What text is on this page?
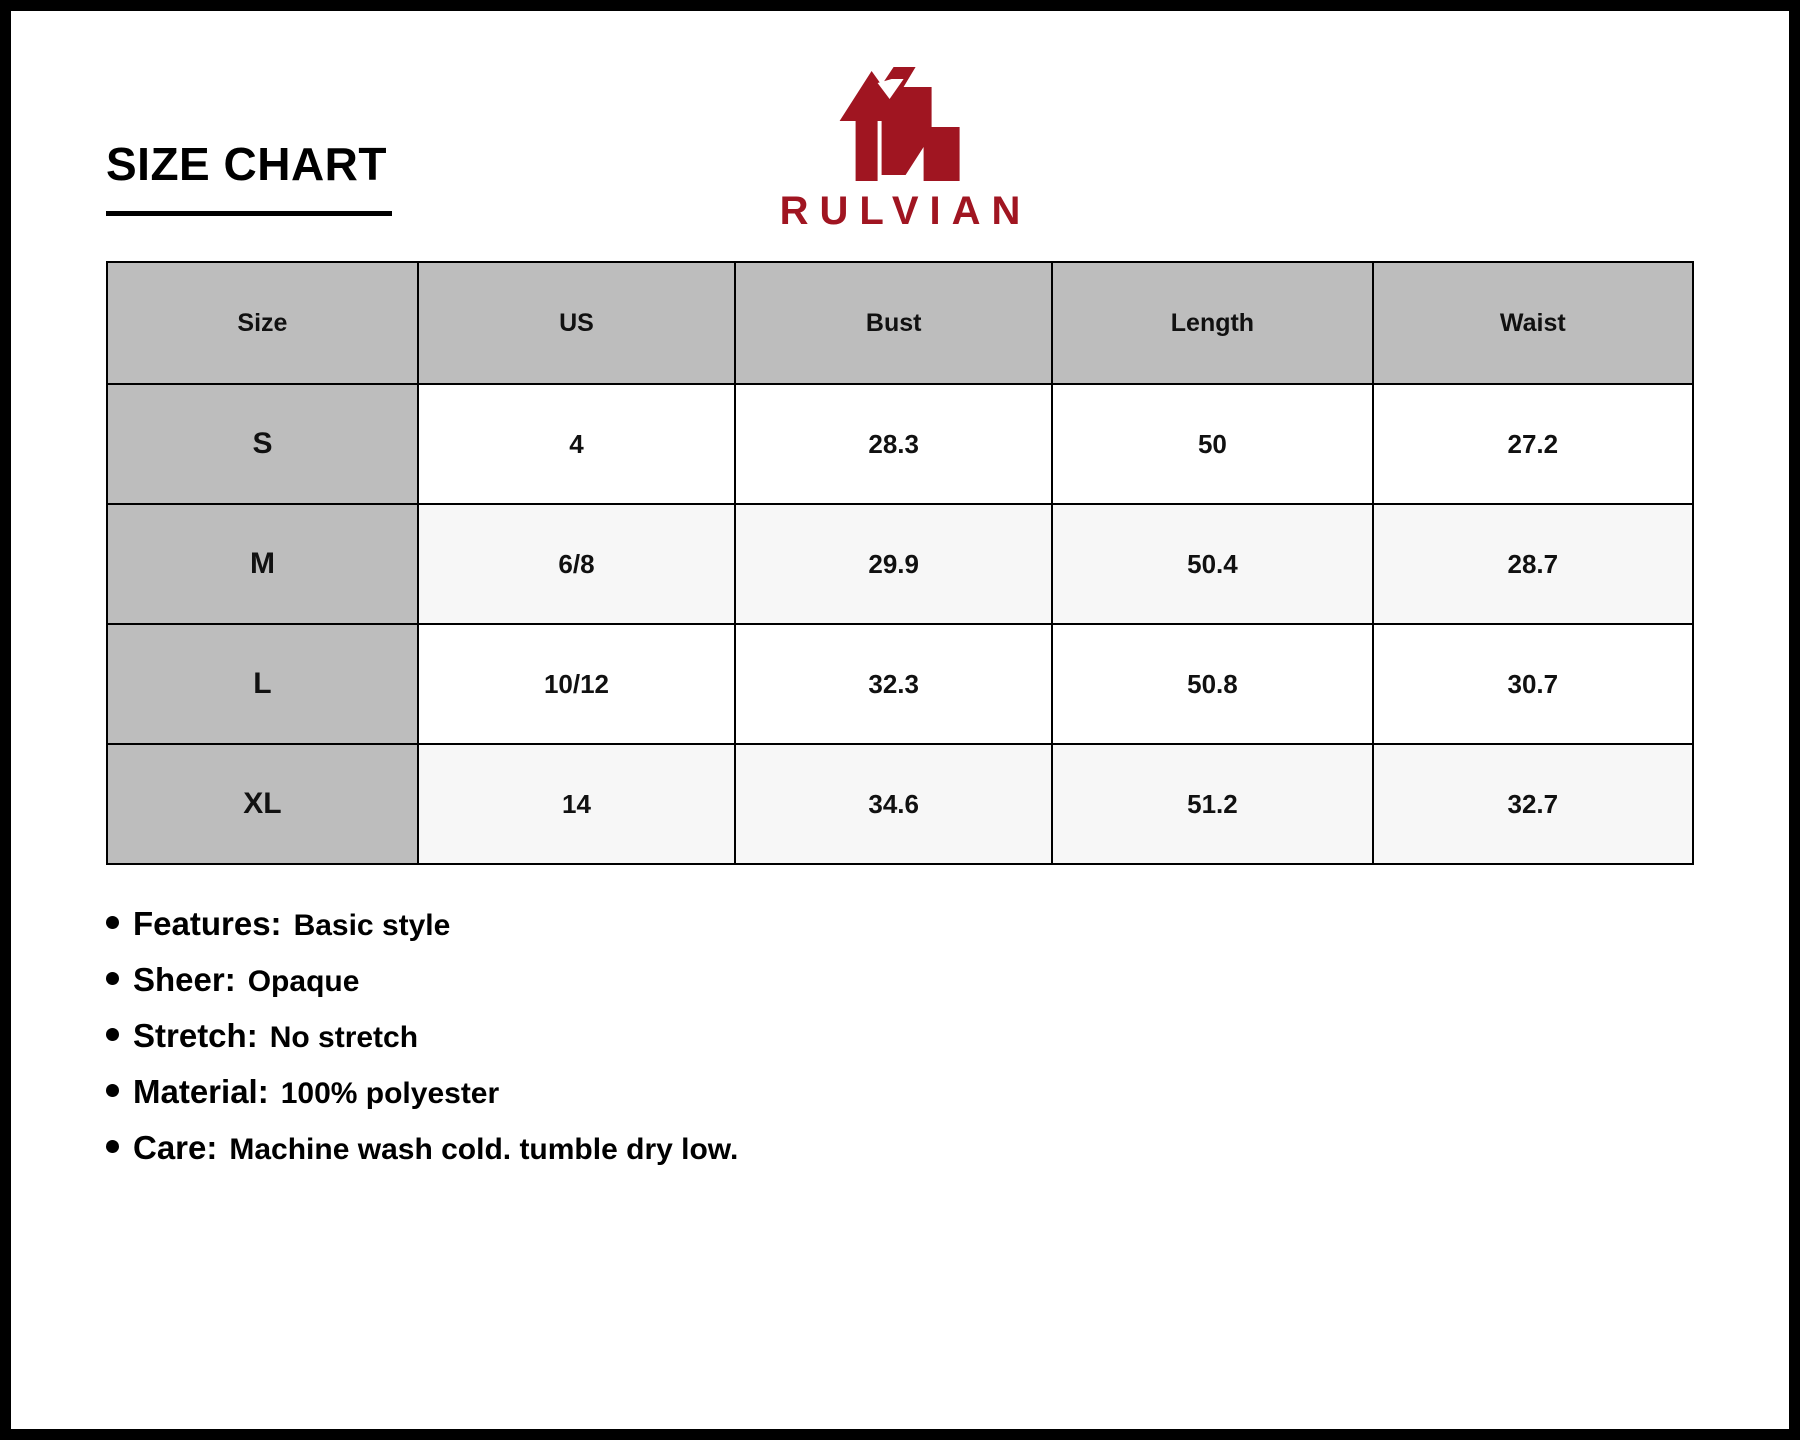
SIZE CHART
RULVIAN
Size	US	Bust	Length	Waist
S	4	28.3	50	27.2
M	6/8	29.9	50.4	28.7
L	10/12	32.3	50.8	30.7
XL	14	34.6	51.2	32.7
Features: Basic style
Sheer: Opaque
Stretch: No stretch
Material: 100% polyester
Care: Machine wash cold. tumble dry low.
